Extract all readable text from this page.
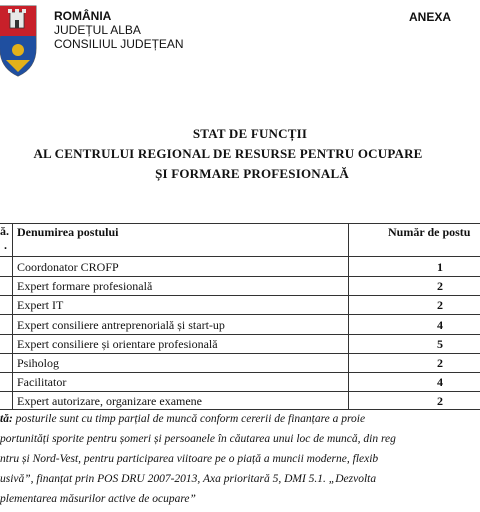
ROMÂNIA
JUDEȚUL ALBA
CONSILIUL JUDEȚEAN
ANEXA
STAT DE FUNCȚII
AL CENTRULUI REGIONAL DE RESURSE PENTRU OCUPARE
ȘI FORMARE PROFESIONALĂ
ă.
.
Denumirea postului	Număr de postu
Coordonator CROFP	1
Expert formare profesională	2
Expert IT	2
Expert consiliere antreprenorială și start-up	4
Expert consiliere și orientare profesională	5
Psiholog	2
Facilitator	4
Expert autorizare, organizare examene	2
tă: posturile sunt cu timp parțial de muncă conform cererii de finanțare a proie
portunități sporite pentru șomeri și persoanele în căutarea unui loc de muncă, din reg
ntru și Nord-Vest, pentru participarea viitoare pe o piață a muncii moderne, flexib
usivă”, finanțat prin POS DRU 2007-2013, Axa prioritară 5, DMI 5.1. „Dezvolta
plementarea măsurilor active de ocupare”
